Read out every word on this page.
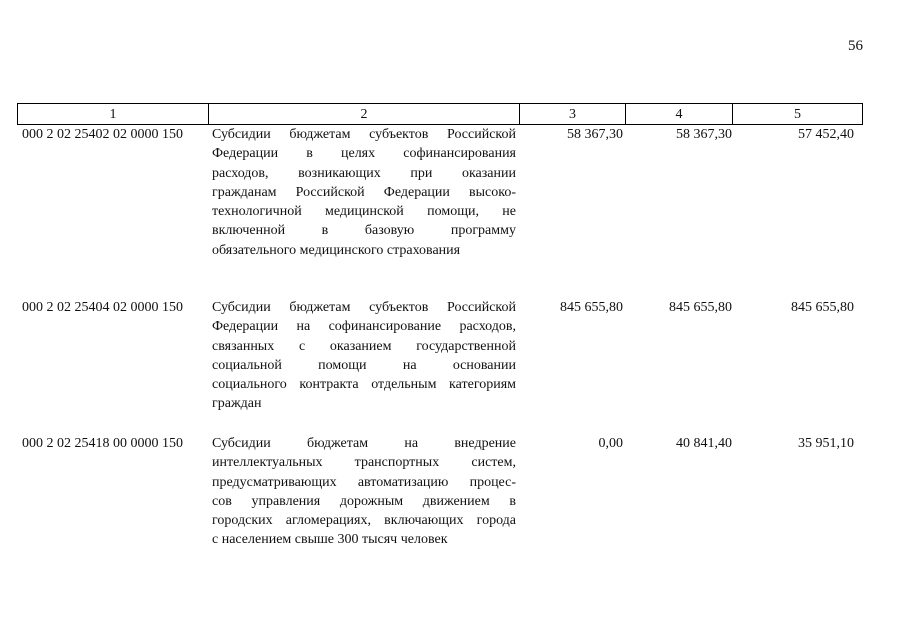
56
1	2	3	4	5
000 2 02 25402 02 0000 150 Субсидии бюджетам субъектов Российской
Федерации в целях софинансирования
расходов, возникающих при оказании
гражданам Российской Федерации высоко-
технологичной медицинской помощи, не
включенной в базовую программу
обязательного медицинского страхования
58 367,30	58 367,30	57 452,40
000 2 02 25404 02 0000 150 Субсидии бюджетам субъектов Российской
Федерации на софинансирование расходов,
связанных с оказанием государственной
социальной помощи на основании
социального контракта отдельным категориям
граждан
845 655,80	845 655,80	845 655,80
000 2 02 25418 00 0000 150 Субсидии бюджетам на внедрение
интеллектуальных транспортных систем,
предусматривающих автоматизацию процес-
сов управления дорожным движением в
городских агломерациях, включающих города
с населением свыше 300 тысяч человек
0,00	40 841,40	35 951,10
